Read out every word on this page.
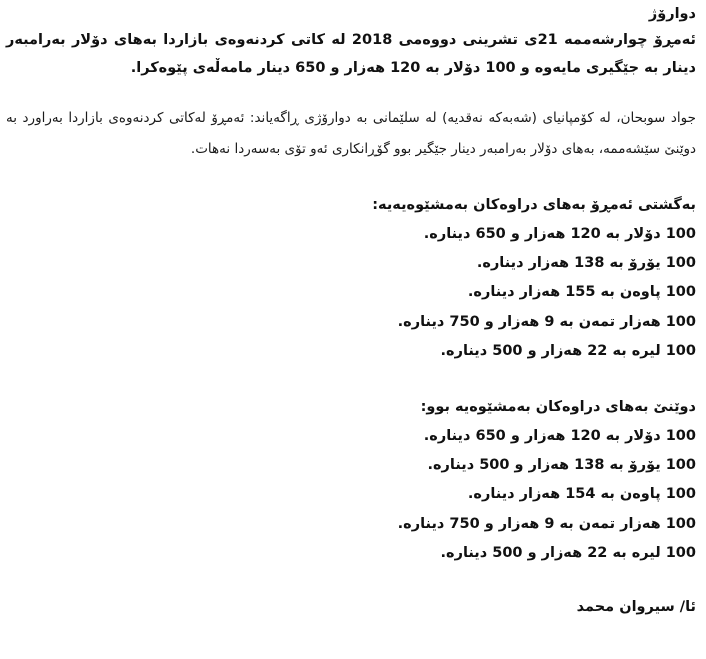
دوارۆژ

ئەمڕۆ چوارشەممە 21ی تشرینی دووەمی 2018 لە کاتی کردنەوەی بازاردا بەهای دۆلار بەرامبەر دینار بە جێگیری مایەوە و 100 دۆلار بە 120 هەزار و 650 دینار مامەڵەی پێوەکرا.

جواد سوبحان، لە کۆمپانیای (شەبەکە نەقدیە) لە سلێمانی بە دوارۆژی ڕاگەیاند: ئەمڕۆ لەکاتی کردنەوەی بازاردا بەراورد بە دوێنێ سێشەممە، بەهای دۆلار بەرامبەر دینار جێگیر بوو گۆڕانکاری ئەو تۆی بەسەردا نەهات.

بەگشتی ئەمڕۆ بەهای دراوەکان بەمشێوەیەیە:

100 دۆلار بە 120 هەزار و 650 دینارە.
100 یۆرۆ بە 138 هەزار دینارە.
100 پاوەن بە 155 هەزار دینارە.
100 هەزار تمەن بە 9 هەزار و 750 دینارە.
100 لیرە بە 22 هەزار و 500 دینارە.

دوێنێ بەهای دراوەکان بەمشێوەیە بوو:

100 دۆلار بە 120 هەزار و 650 دینارە.
100 یۆرۆ بە 138 هەزار و 500 دینارە.
100 پاوەن بە 154 هەزار دینارە.
100 هەزار تمەن بە 9 هەزار و 750 دینارە.
100 لیرە بە 22 هەزار و 500 دینارە.

ئا/ سیروان محمد
